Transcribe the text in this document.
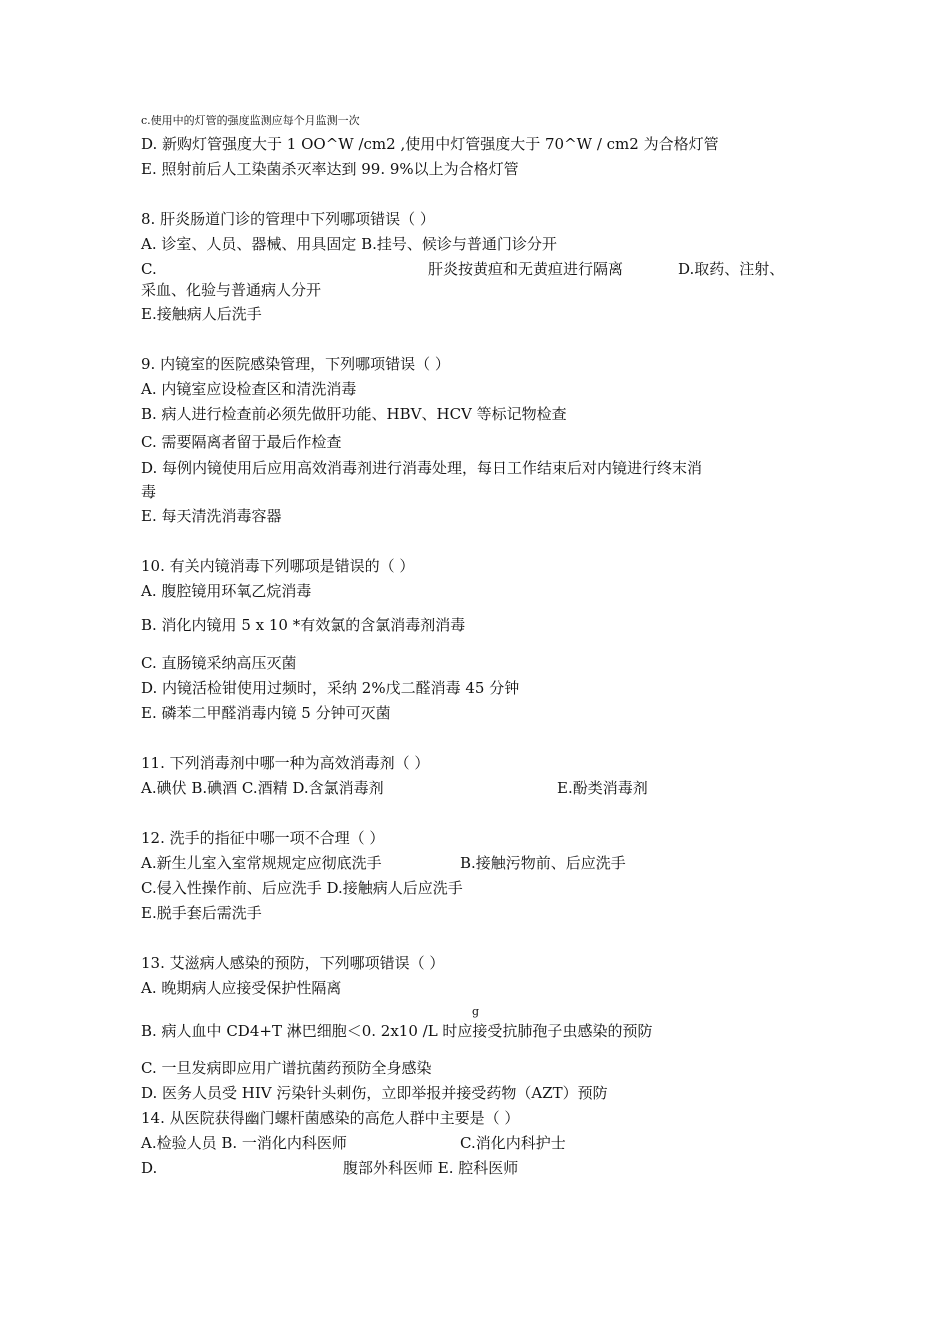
c.使用中的灯管的强度监测应每个月监测一次
D. 新购灯管强度大于 1 OO^W /cm2 ,使用中灯管强度大于 70^W / cm2 为合格灯管
E. 照射前后人工染菌杀灭率达到 99. 9%以上为合格灯管
8. 肝炎肠道门诊的管理中下列哪项错误（ ）
A. 诊室、人员、器械、用具固定 B.挂号、候诊与普通门诊分开
C.	肝炎按黄疸和无黄疸进行隔离	D.取药、注射、
采血、化验与普通病人分开
E.接触病人后洗手
9. 内镜室的医院感染管理，下列哪项错误（ ）
A. 内镜室应设检查区和清洗消毒
B. 病人进行检查前必须先做肝功能、HBV、HCV 等标记物检查
C. 需要隔离者留于最后作检查
D. 每例内镜使用后应用高效消毒剂进行消毒处理，每日工作结束后对内镜进行终末消
毒
E. 每天清洗消毒容器
10. 有关内镜消毒下列哪项是错误的（ ）
A. 腹腔镜用环氧乙烷消毒
B. 消化内镜用 5 x 10 *有效氯的含氯消毒剂消毒
C. 直肠镜采纳高压灭菌
D. 内镜活检钳使用过频时，采纳 2%戊二醛消毒 45 分钟
E. 磷苯二甲醛消毒内镜 5 分钟可灭菌
11. 下列消毒剂中哪一种为高效消毒剂（ ）
A.碘伏 B.碘酒 C.酒精 D.含氯消毒剂	E.酚类消毒剂
12. 洗手的指征中哪一项不合理（ ）
A.新生儿室入室常规规定应彻底洗手	B.接触污物前、后应洗手
C.侵入性操作前、后应洗手 D.接触病人后应洗手
E.脱手套后需洗手
13. 艾滋病人感染的预防，下列哪项错误（ ）
A. 晚期病人应接受保护性隔离
g
B. 病人血中 CD4+T 淋巴细胞＜0. 2x10 /L 时应接受抗肺孢子虫感染的预防
C. 一旦发病即应用广谱抗菌药预防全身感染
D. 医务人员受 HIV 污染针头刺伤，立即举报并接受药物（AZT）预防
14. 从医院获得幽门螺杆菌感染的高危人群中主要是（ ）
A.检验人员 B. 一消化内科医师	C.消化内科护士
D.	腹部外科医师 E. 腔科医师
